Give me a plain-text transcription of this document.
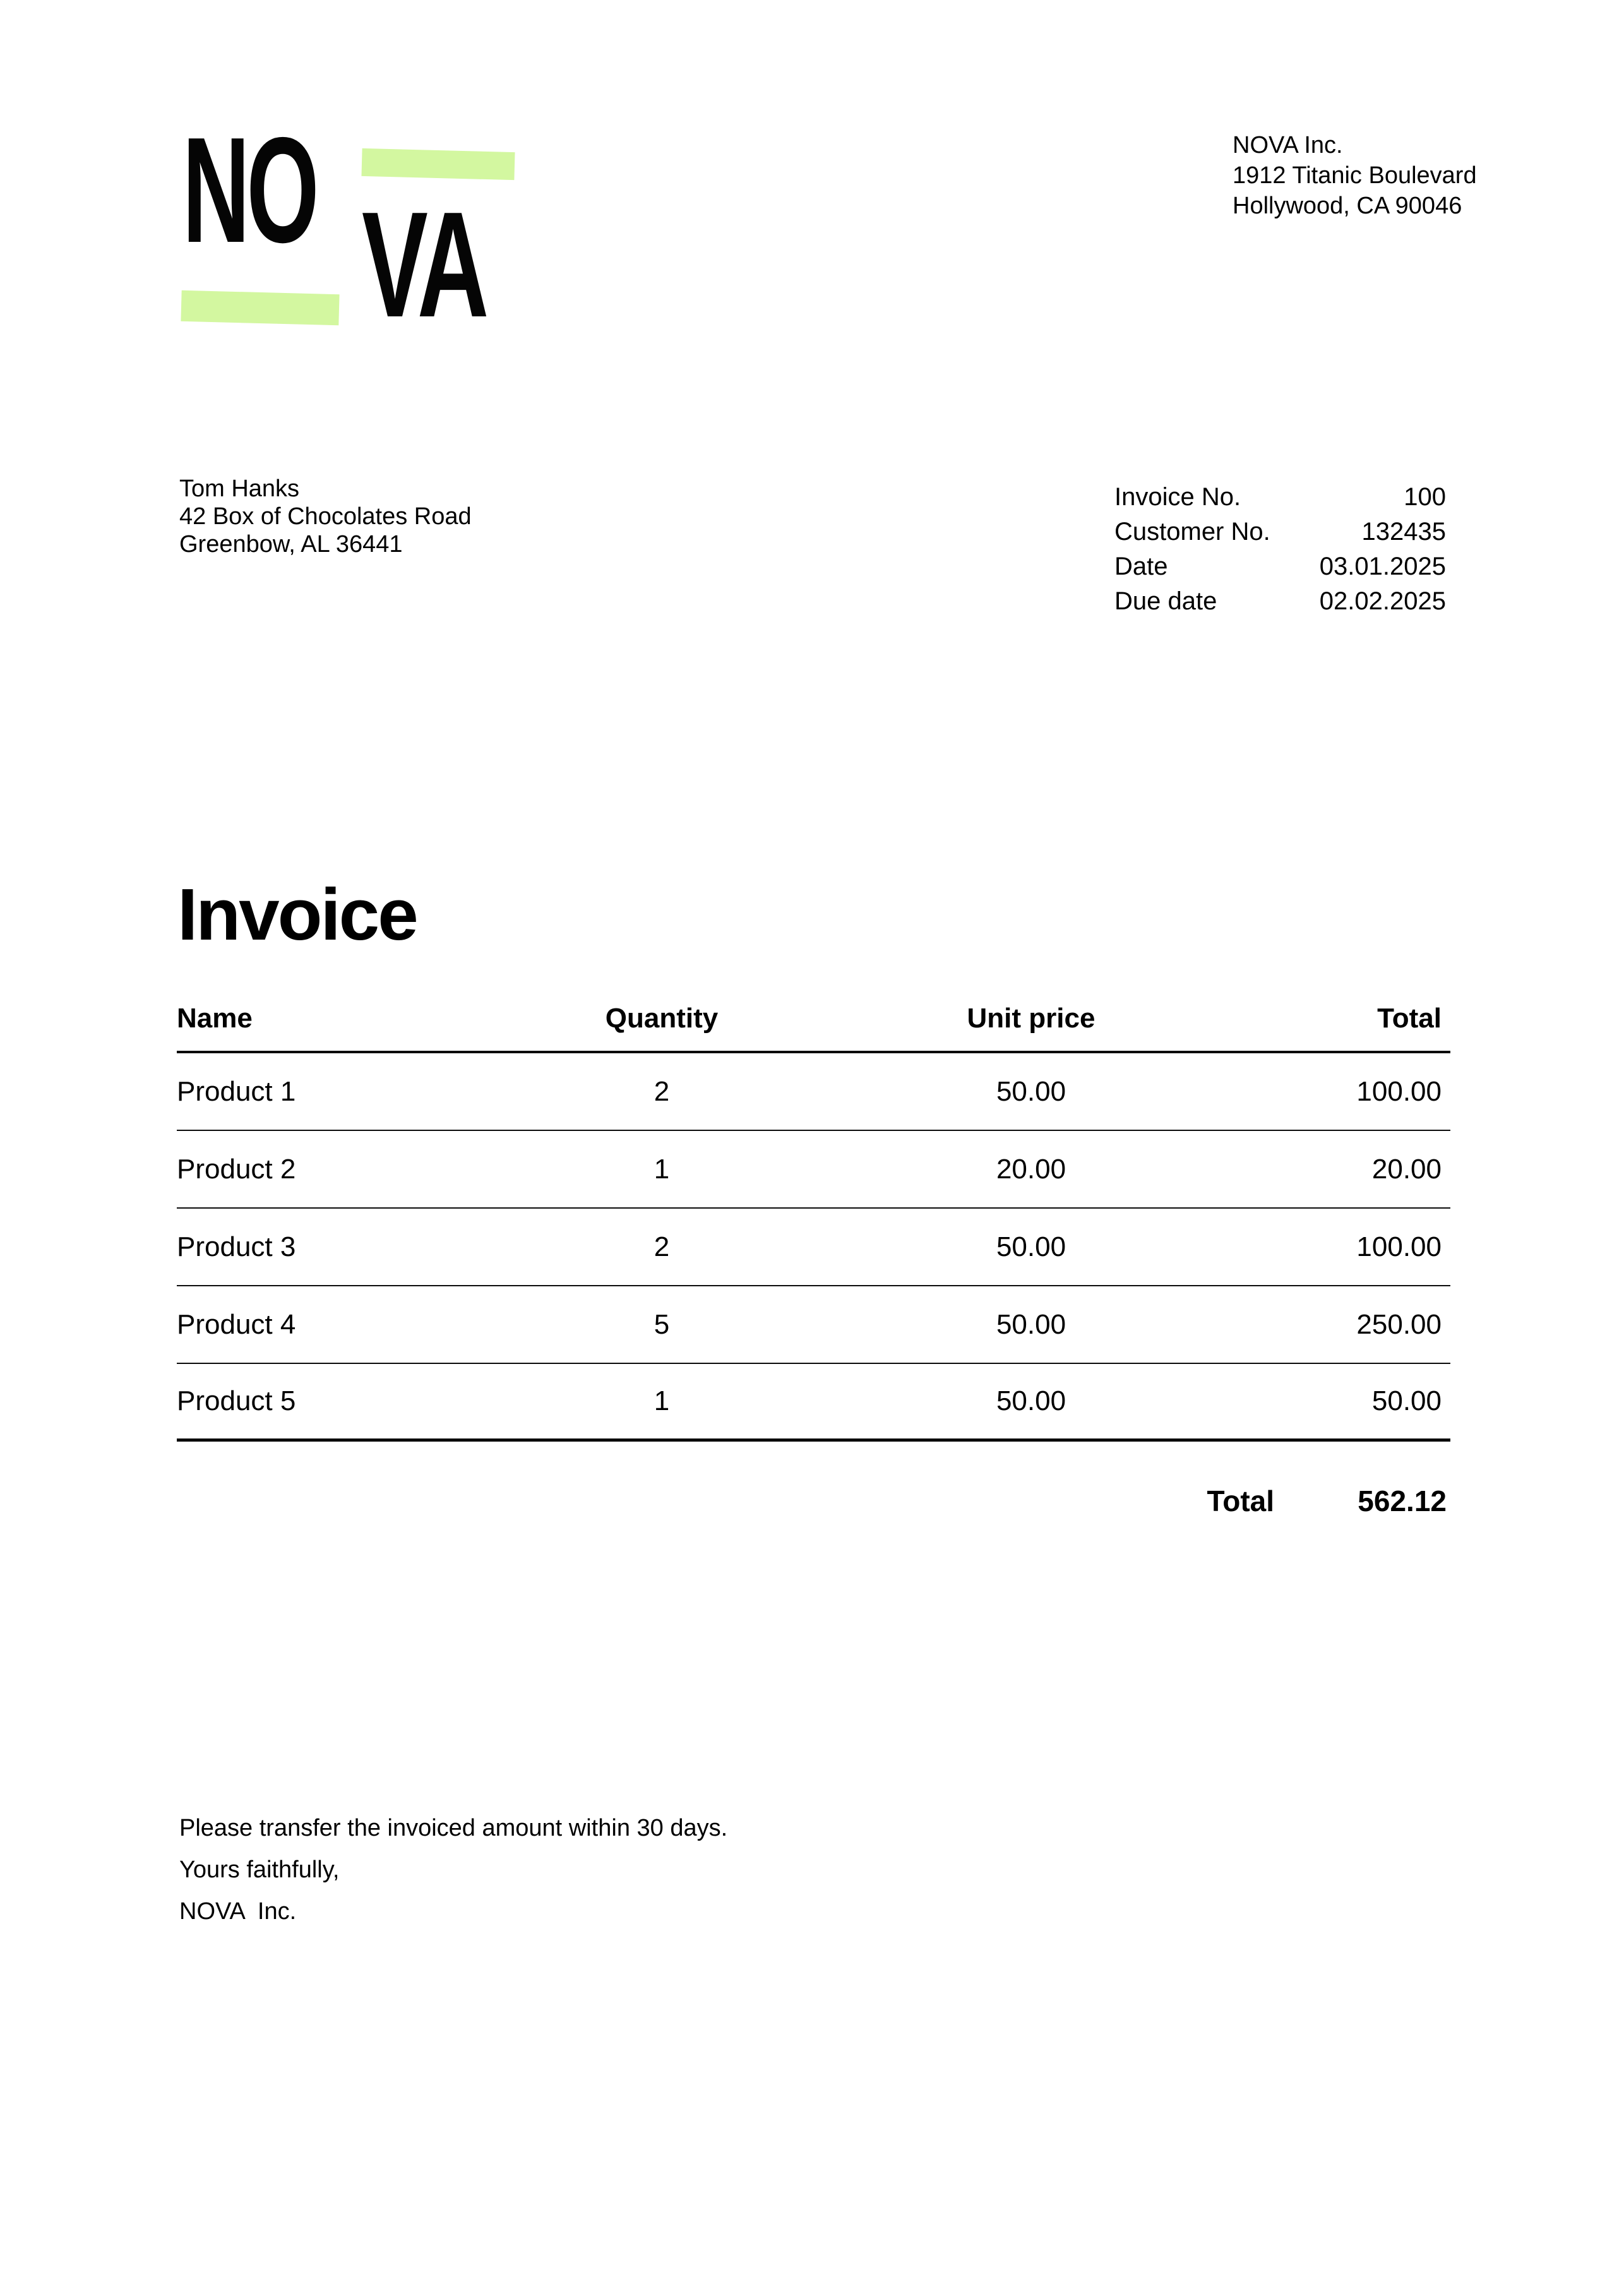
NO VA
NOVA Inc.
1912 Titanic Boulevard
Hollywood, CA 90046
Tom Hanks
42 Box of Chocolates Road
Greenbow, AL 36441
Invoice No.	100
Customer No.	132435
Date	03.01.2025
Due date	02.02.2025
Invoice
Name	Quantity	Unit price	Total
Product 1	2	50.00	100.00
Product 2	1	20.00	20.00
Product 3	2	50.00	100.00
Product 4	5	50.00	250.00
Product 5	1	50.00	50.00
Total	562.12
Please transfer the invoiced amount within 30 days.
Yours faithfully,
NOVA  Inc.
